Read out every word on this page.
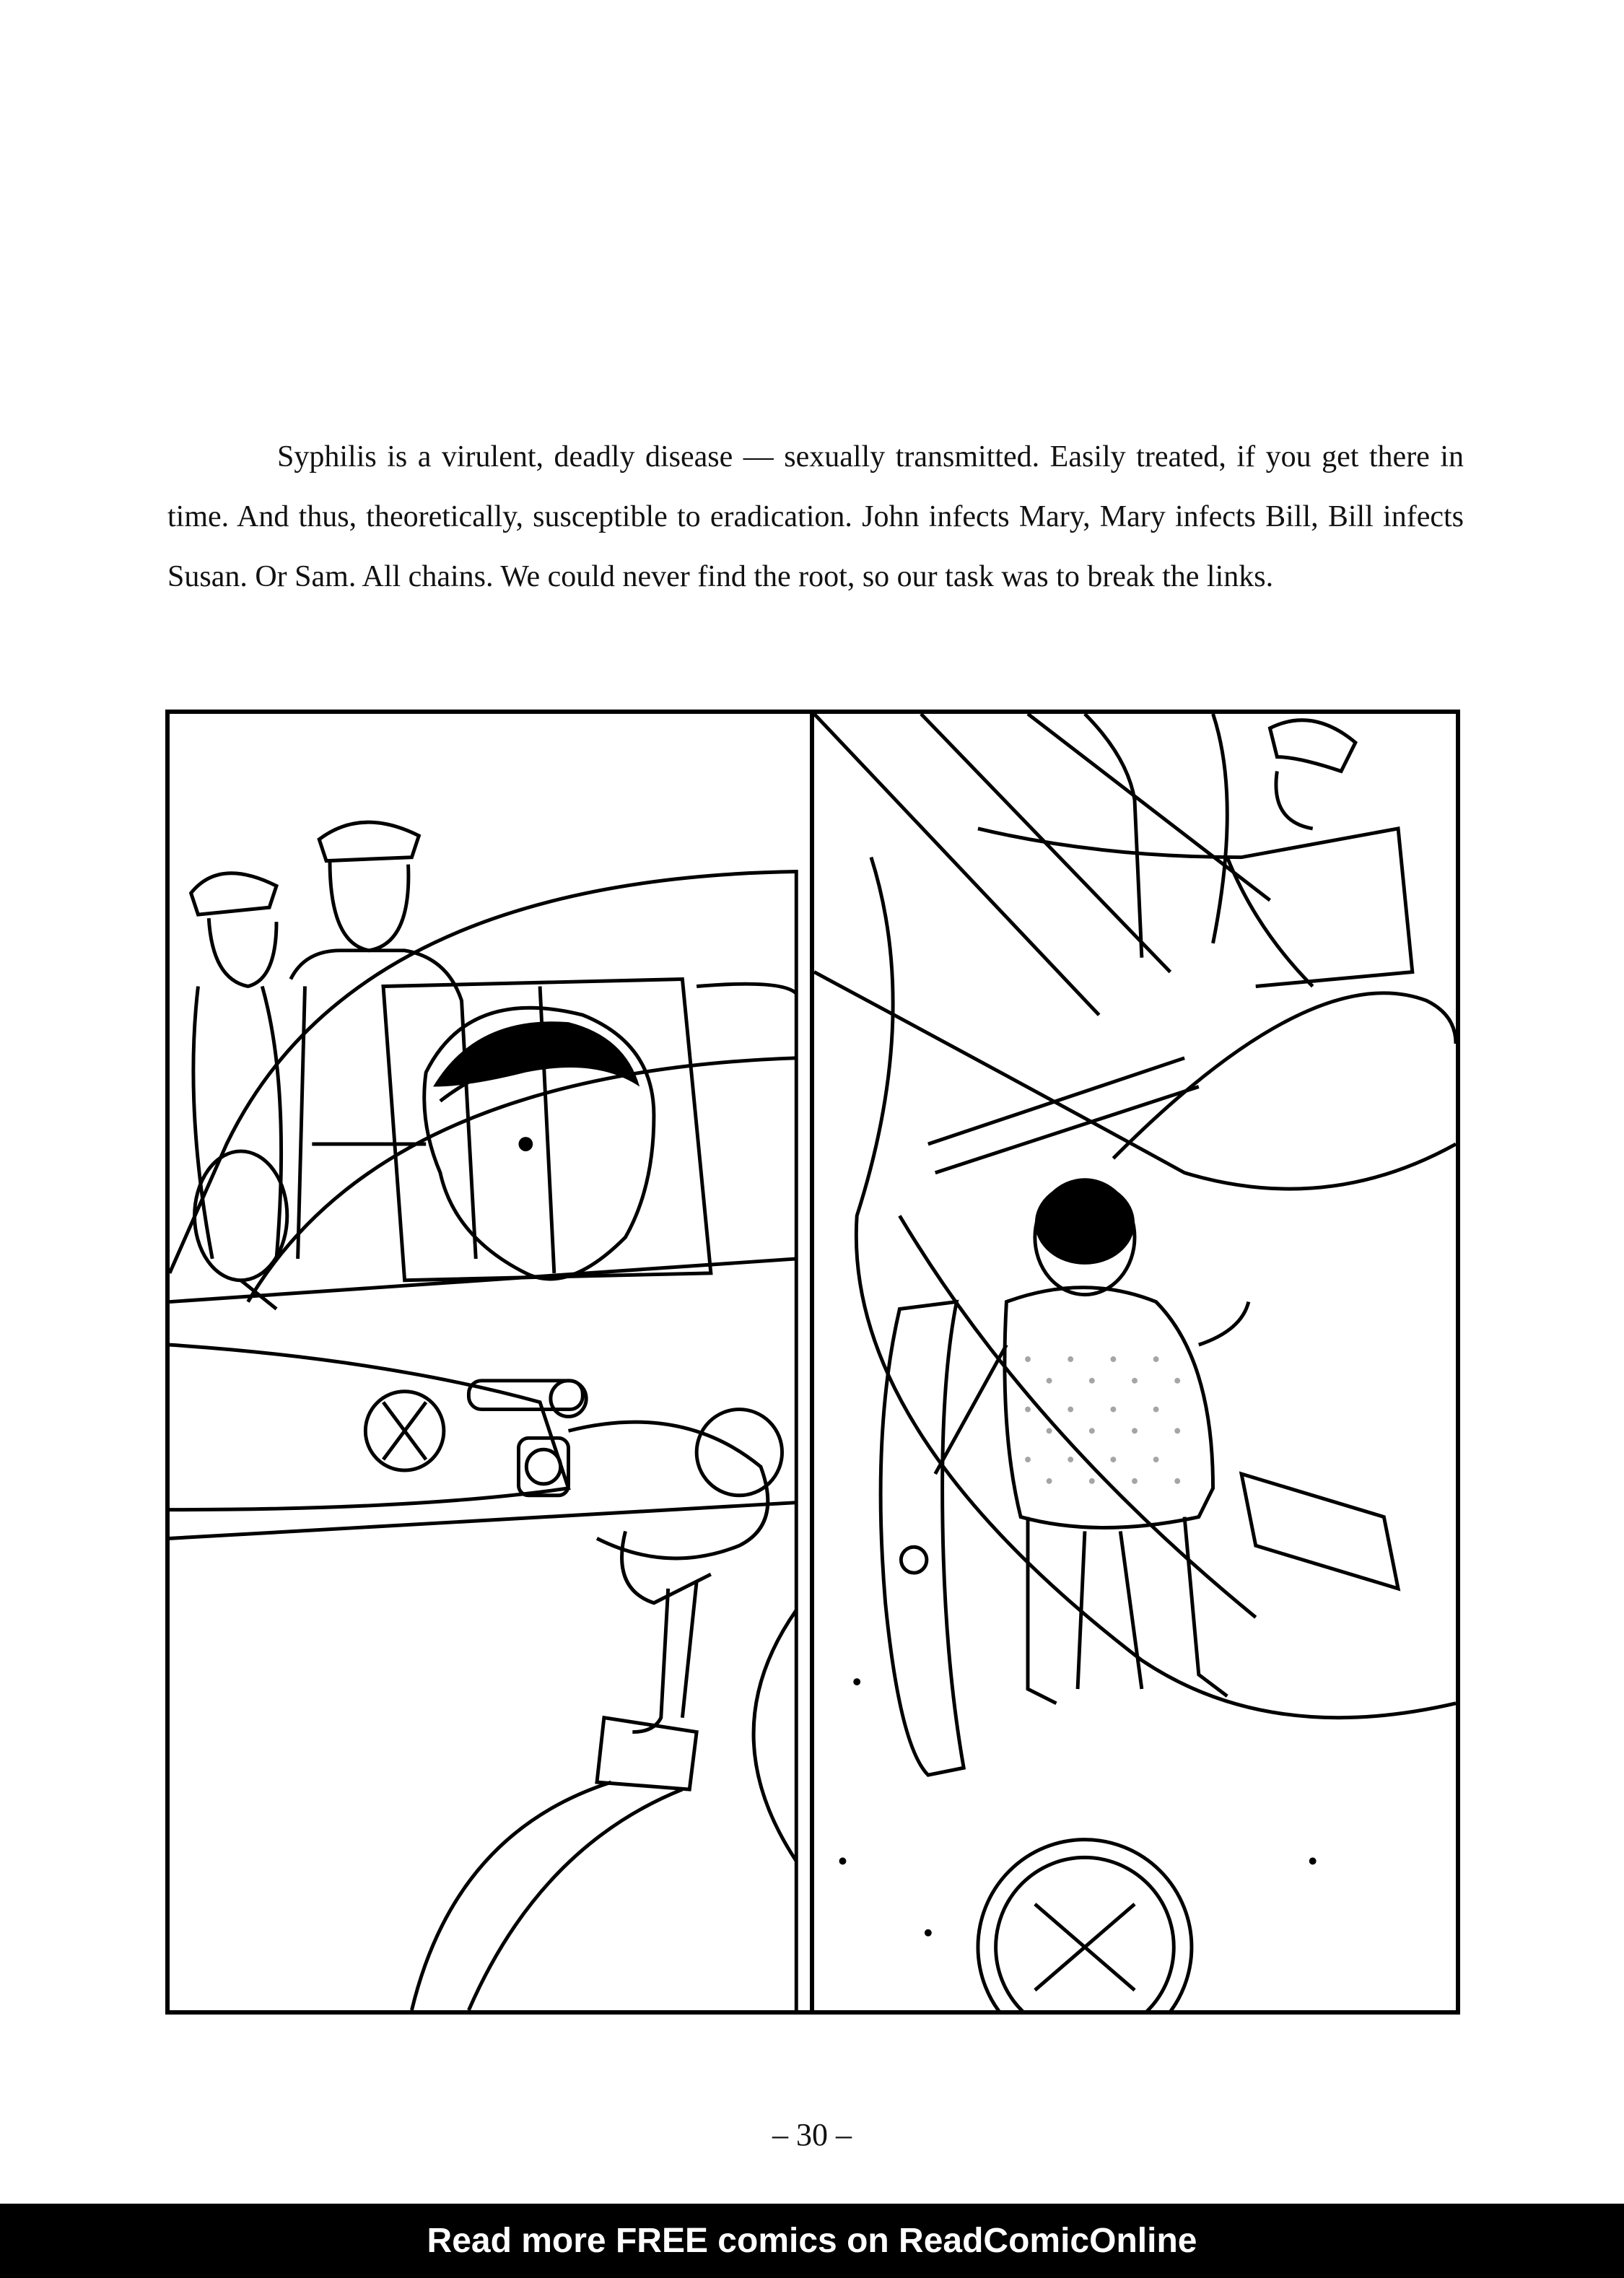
Syphilis is a virulent, deadly disease — sexually transmitted. Easily treated, if you get there in time. And thus, theoretically, susceptible to eradication. John infects Mary, Mary infects Bill, Bill infects Susan. Or Sam. All chains. We could never find the root, so our task was to break the links.

– 30 –
Read more FREE comics on ReadComicOnline
